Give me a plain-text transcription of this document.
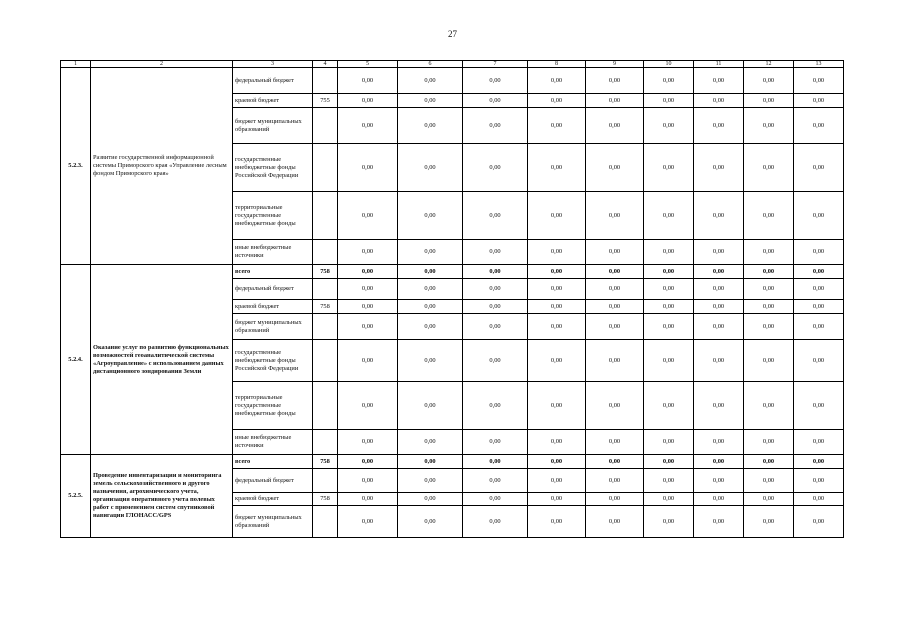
27
1	2	3	4	5	6	7	8	9	10	11	12	13
5.2.3.	Развитие государственной информационной системы Приморского края «Управление лесным фондом Приморского края»	федеральный бюджет		0,00	0,00	0,00	0,00	0,00	0,00	0,00	0,00	0,00
		краевой бюджет	755	0,00	0,00	0,00	0,00	0,00	0,00	0,00	0,00	0,00
		бюджет муниципальных образований		0,00	0,00	0,00	0,00	0,00	0,00	0,00	0,00	0,00
		государственные внебюджетные фонды Российской Федерации		0,00	0,00	0,00	0,00	0,00	0,00	0,00	0,00	0,00
		территориальные государственные внебюджетные фонды		0,00	0,00	0,00	0,00	0,00	0,00	0,00	0,00	0,00
		иные внебюджетные источники		0,00	0,00	0,00	0,00	0,00	0,00	0,00	0,00	0,00
5.2.4.	Оказание услуг по развитию функциональных возможностей геоаналитической системы «Агроуправление» с использованием данных дистанционного зондирования Земли	всего	758	0,00	0,00	0,00	0,00	0,00	0,00	0,00	0,00	0,00
		федеральный бюджет		0,00	0,00	0,00	0,00	0,00	0,00	0,00	0,00	0,00
		краевой бюджет	758	0,00	0,00	0,00	0,00	0,00	0,00	0,00	0,00	0,00
		бюджет муниципальных образований		0,00	0,00	0,00	0,00	0,00	0,00	0,00	0,00	0,00
		государственные внебюджетные фонды Российской Федерации		0,00	0,00	0,00	0,00	0,00	0,00	0,00	0,00	0,00
		территориальные государственные внебюджетные фонды		0,00	0,00	0,00	0,00	0,00	0,00	0,00	0,00	0,00
		иные внебюджетные источники		0,00	0,00	0,00	0,00	0,00	0,00	0,00	0,00	0,00
5.2.5.	Проведение инвентаризации и мониторинга земель сельскохозяйственного и другого назначения, агрохимического учета, организация оперативного учета полевых работ с применением систем спутниковой навигации ГЛОНАСС/GPS	всего	758	0,00	0,00	0,00	0,00	0,00	0,00	0,00	0,00	0,00
		федеральный бюджет		0,00	0,00	0,00	0,00	0,00	0,00	0,00	0,00	0,00
		краевой бюджет	758	0,00	0,00	0,00	0,00	0,00	0,00	0,00	0,00	0,00
		бюджет муниципальных образований		0,00	0,00	0,00	0,00	0,00	0,00	0,00	0,00	0,00
